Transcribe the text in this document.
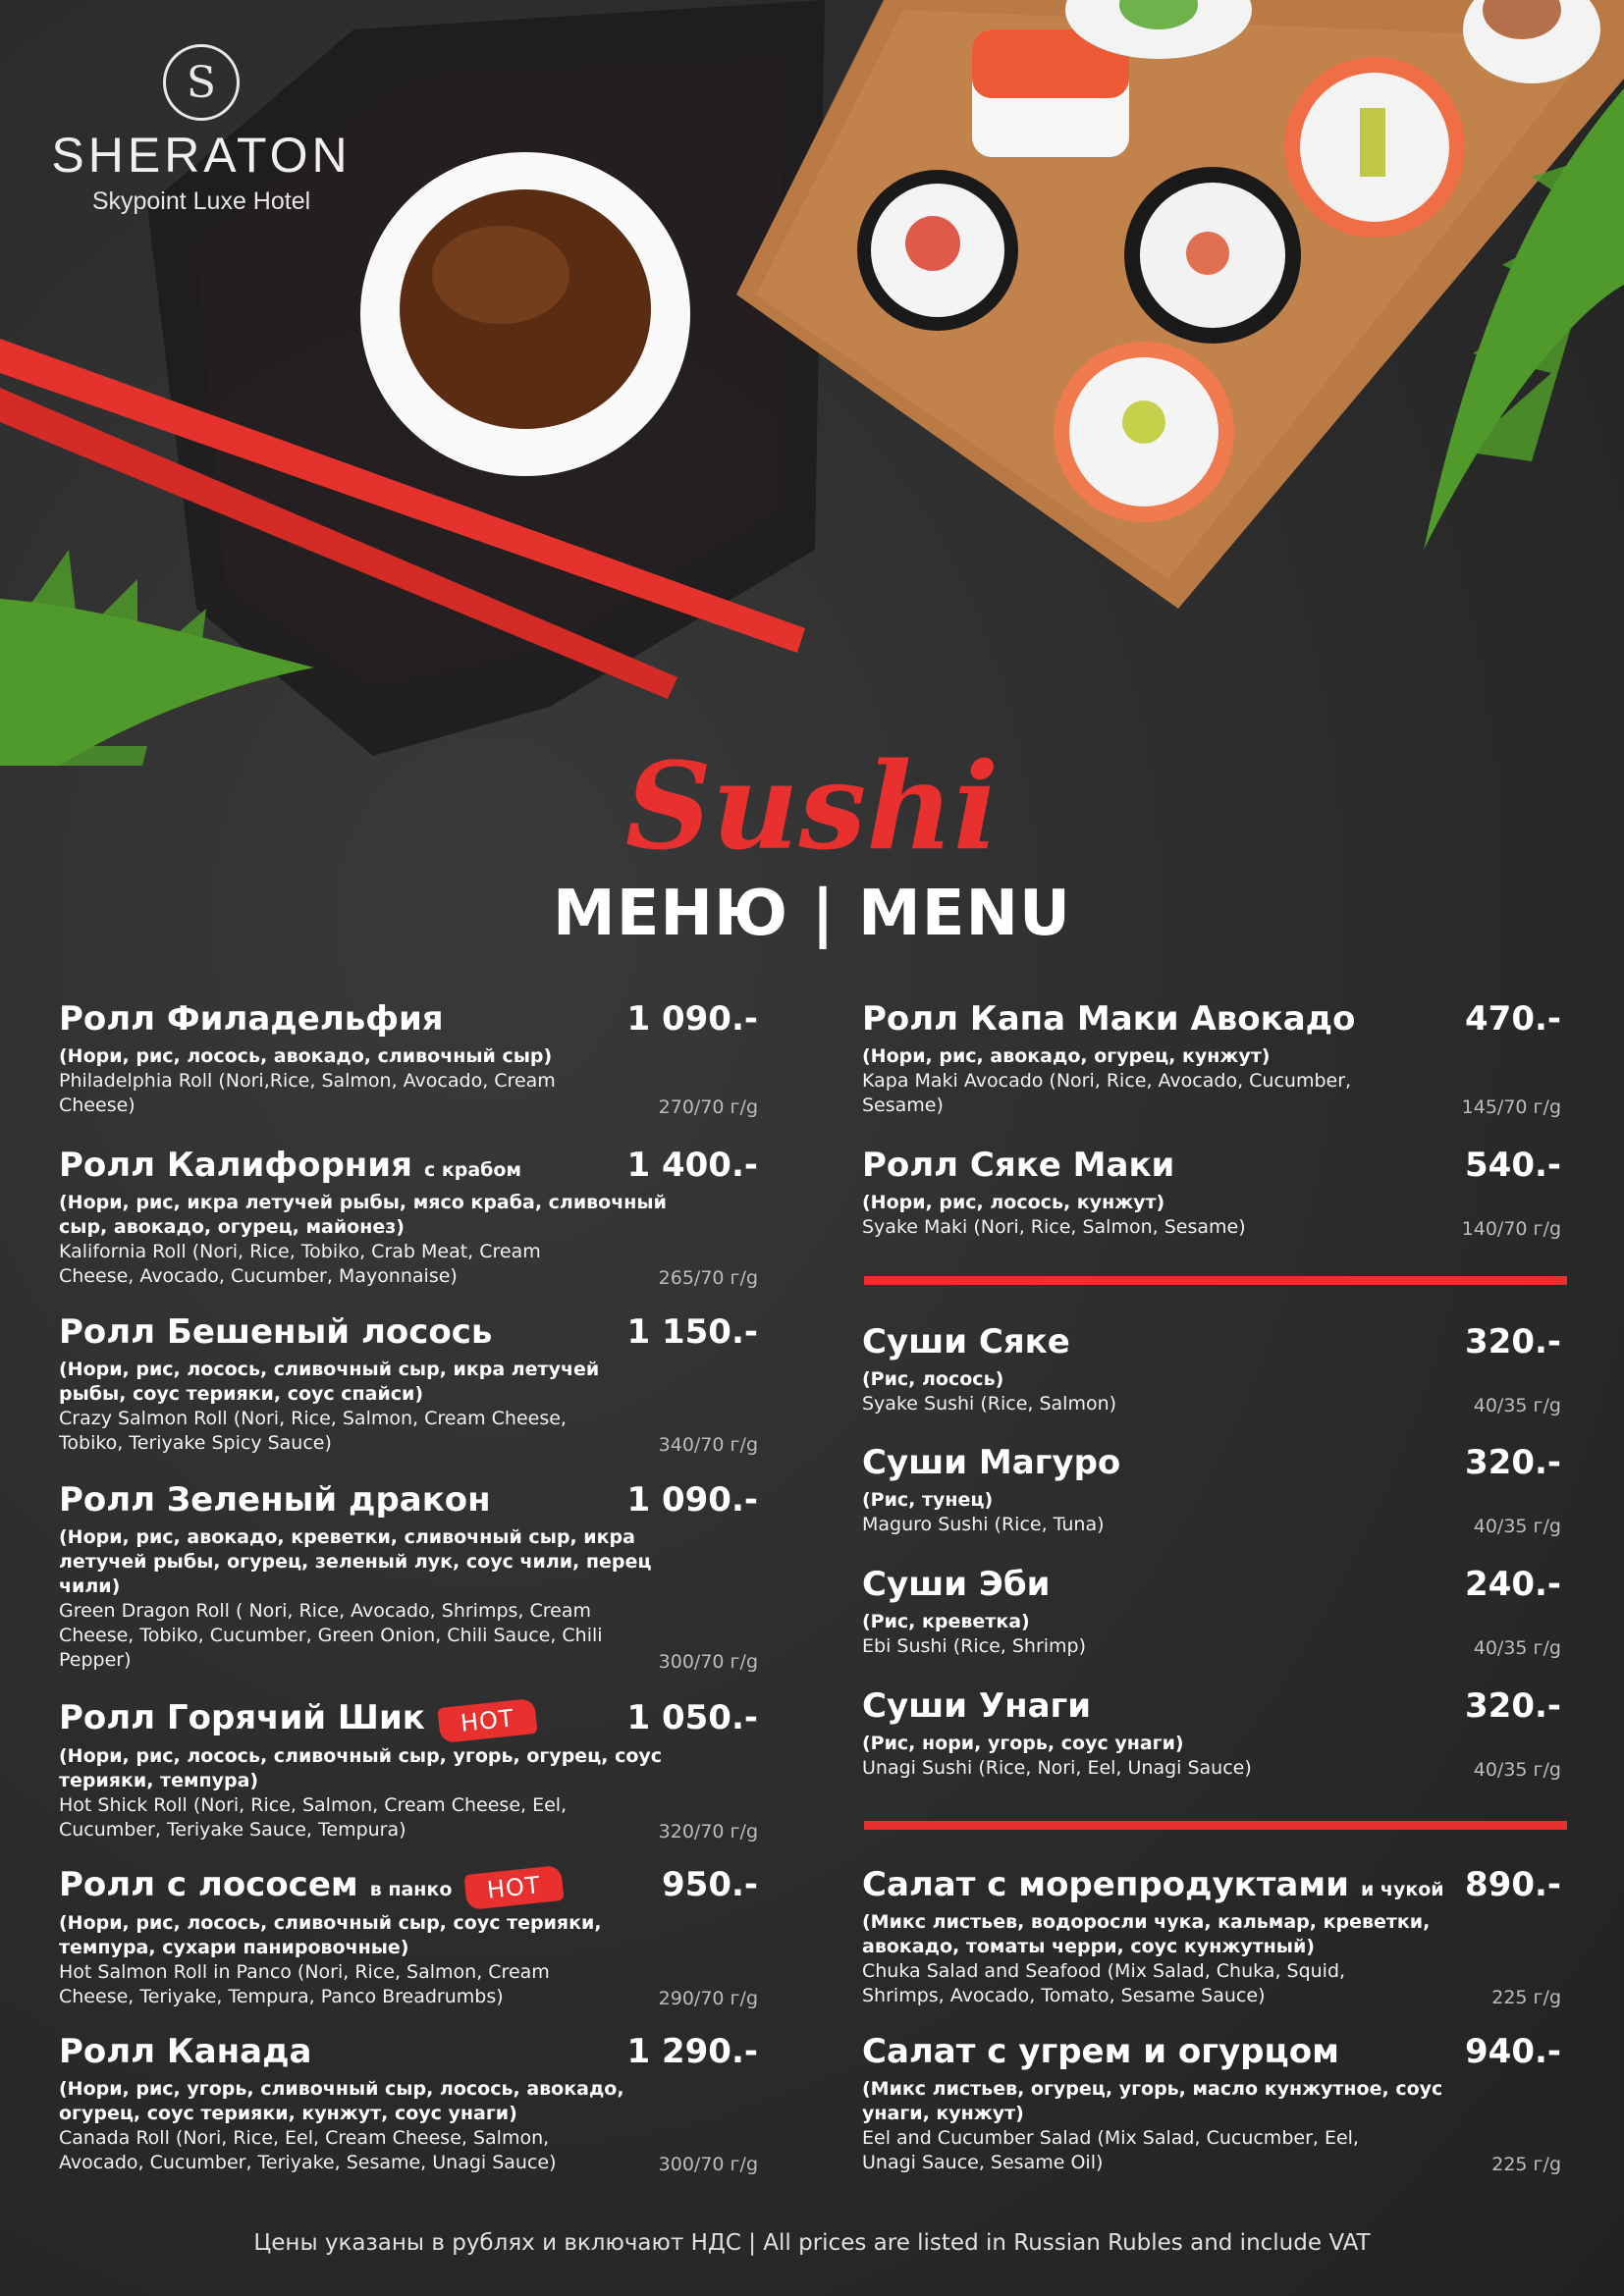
S
SHERATON
Skypoint Luxe Hotel
Sushi
МЕНЮ | MENU
Цены указаны в рублях и включают НДС | All prices are listed in Russian Rubles and include VAT
Ролл Филадельфия	1 090.-
(Нори, рис, лосось, авокадо, сливочный сыр)
Philadelphia Roll (Nori,Rice, Salmon, Avocado, Cream Cheese)	270/70 г/g
Ролл Калифорния с крабом	1 400.-
(Нори, рис, икра летучей рыбы, мясо краба, сливочный сыр, авокадо, огурец, майонез)
Kalifornia Roll (Nori, Rice, Tobiko, Crab Meat, Cream Cheese, Avocado, Cucumber, Mayonnaise)	265/70 г/g
Ролл Бешеный лосось	1 150.-
(Нори, рис, лосось, сливочный сыр, икра летучей рыбы, соус терияки, соус спайси)
Crazy Salmon Roll (Nori, Rice, Salmon, Cream Cheese, Tobiko, Teriyake Spicy Sauce)	340/70 г/g
Ролл Зеленый дракон	1 090.-
(Нори, рис, авокадо, креветки, сливочный сыр, икра летучей рыбы, огурец, зеленый лук, соус чили, перец чили)
Green Dragon Roll ( Nori, Rice, Avocado, Shrimps, Cream Cheese, Tobiko, Cucumber, Green Onion, Chili Sauce, Chili Pepper)	300/70 г/g
Ролл Горячий Шик	HOT	1 050.-
(Нори, рис, лосось, сливочный сыр, угорь, огурец, соус терияки, темпура)
Hot Shick Roll (Nori, Rice, Salmon, Cream Cheese, Eel, Cucumber, Teriyake Sauce, Tempura)	320/70 г/g
Ролл с лососем в панко	HOT	950.-
(Нори, рис, лосось, сливочный сыр, соус терияки, темпура, сухари панировочные)
Hot Salmon Roll in Panco (Nori, Rice, Salmon, Cream Cheese, Teriyake, Tempura, Panco Breadrumbs)	290/70 г/g
Ролл Канада	1 290.-
(Нори, рис, угорь, сливочный сыр, лосось, авокадо, огурец, соус терияки, кунжут, соус унаги)
Canada Roll (Nori, Rice, Eel, Cream Cheese, Salmon, Avocado, Cucumber, Teriyake, Sesame, Unagi Sauce)	300/70 г/g
Ролл Капа Маки Авокадо	470.-
(Нори, рис, авокадо, огурец, кунжут)
Kapa Maki Avocado (Nori, Rice, Avocado, Cucumber, Sesame)	145/70 г/g
Ролл Сяке Маки	540.-
(Нори, рис, лосось, кунжут)
Syake Maki (Nori, Rice, Salmon, Sesame)	140/70 г/g
Суши Сяке	320.-
(Рис, лосось)
Syake Sushi (Rice, Salmon)	40/35 г/g
Суши Магуро	320.-
(Рис, тунец)
Maguro Sushi (Rice, Tuna)	40/35 г/g
Суши Эби	240.-
(Рис, креветка)
Ebi Sushi (Rice, Shrimp)	40/35 г/g
Суши Унаги	320.-
(Рис, нори, угорь, соус унаги)
Unagi Sushi (Rice, Nori, Eel, Unagi Sauce)	40/35 г/g
Салат с морепродуктами и чукой 890.-
(Микс листьев, водоросли чука, кальмар, креветки, авокадо, томаты черри, соус кунжутный)
Chuka Salad and Seafood (Mix Salad, Chuka, Squid, Shrimps, Avocado, Tomato, Sesame Sauce)	225 г/g
Салат с угрем и огурцом	940.-
(Микс листьев, огурец, угорь, масло кунжутное, соус унаги, кунжут)
Eel and Cucumber Salad (Mix Salad, Cucucmber, Eel, Unagi Sauce, Sesame Oil)	225 г/g
